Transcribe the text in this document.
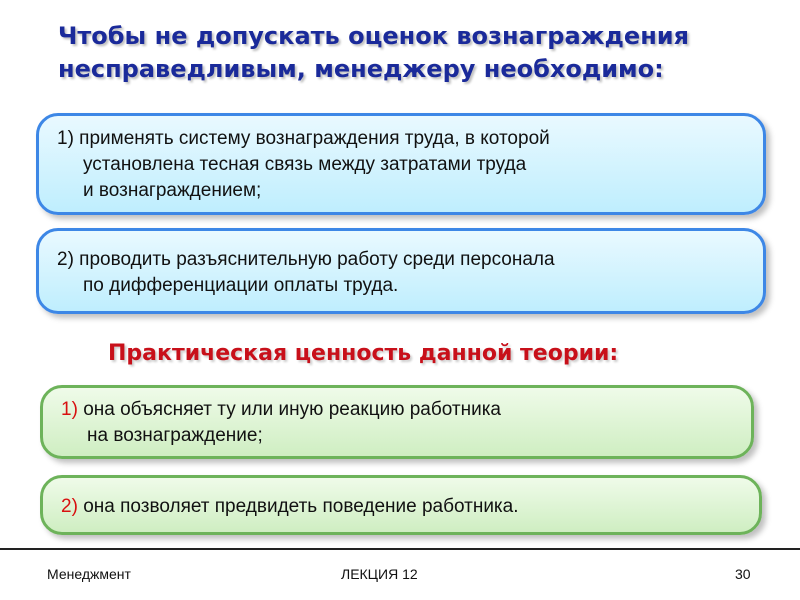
Чтобы не допускать оценок вознаграждения
несправедливым, менеджеру необходимо:
1) применять систему вознаграждения труда, в которой
установлена тесная связь между затратами труда
и вознаграждением;
2) проводить разъяснительную работу среди персонала
по дифференциации оплаты труда.
Практическая ценность данной теории:
1) она объясняет ту или иную реакцию работника
на вознаграждение;
2) она позволяет предвидеть поведение работника.
Менеджмент	ЛЕКЦИЯ 12	30
